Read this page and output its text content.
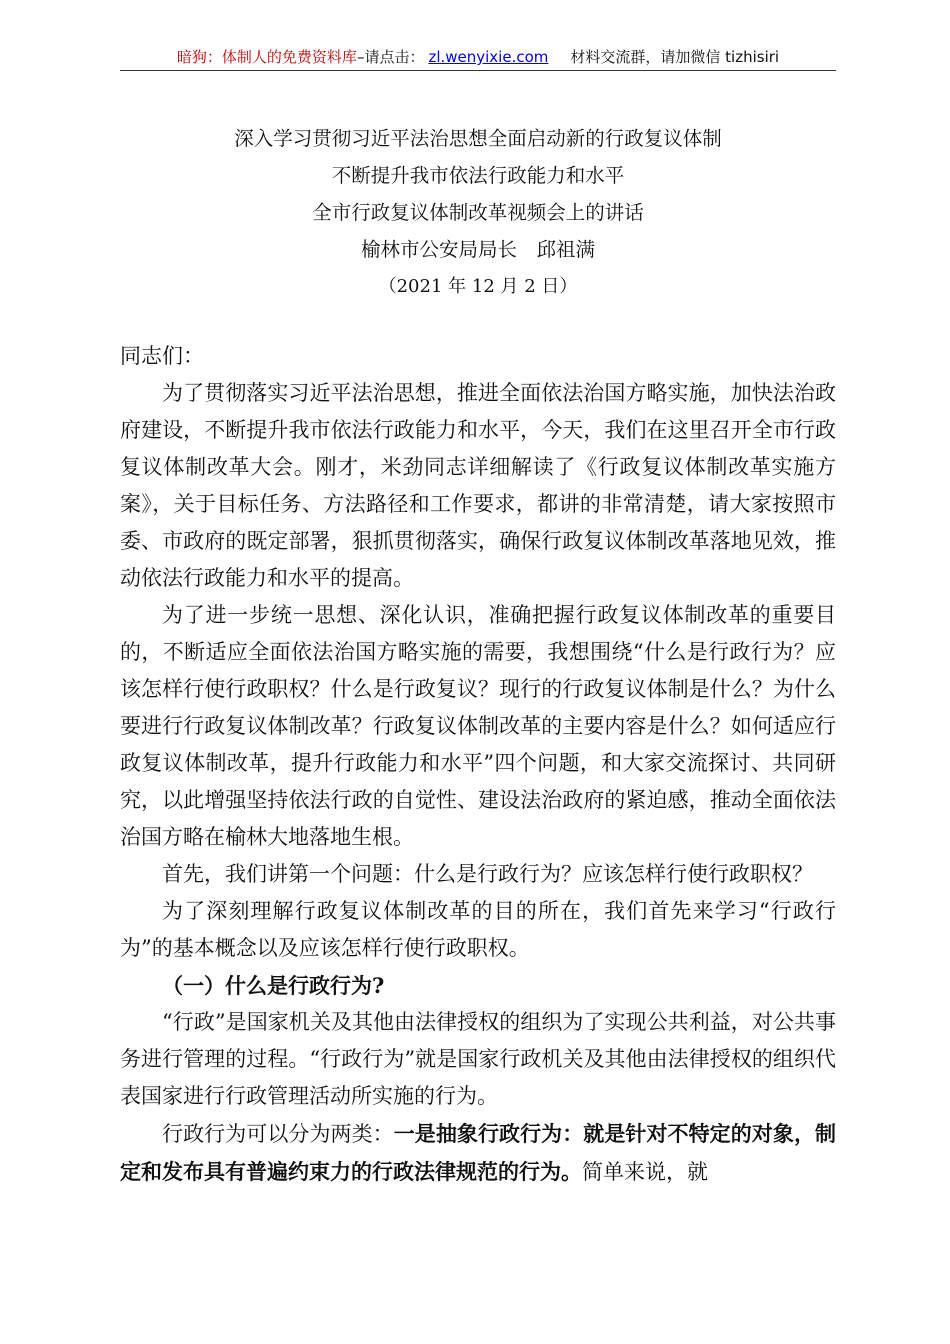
暗狗：体制人的免费资料库–请点击： zl.wenyixie.com 材料交流群，请加微信 tizhisiri
深入学习贯彻习近平法治思想全面启动新的行政复议体制
不断提升我市依法行政能力和水平
全市行政复议体制改革视频会上的讲话
榆林市公安局局长　邱祖满
（2021 年 12 月 2 日）

同志们：

为了贯彻落实习近平法治思想，推进全面依法治国方略实施，加快法治政府建设，不断提升我市依法行政能力和水平，今天，我们在这里召开全市行政复议体制改革大会。刚才，米劲同志详细解读了《行政复议体制改革实施方案》，关于目标任务、方法路径和工作要求，都讲的非常清楚，请大家按照市委、市政府的既定部署，狠抓贯彻落实，确保行政复议体制改革落地见效，推动依法行政能力和水平的提高。

为了进一步统一思想、深化认识，准确把握行政复议体制改革的重要目的，不断适应全面依法治国方略实施的需要，我想围绕“什么是行政行为？应该怎样行使行政职权？什么是行政复议？现行的行政复议体制是什么？为什么要进行行政复议体制改革？行政复议体制改革的主要内容是什么？如何适应行政复议体制改革，提升行政能力和水平”四个问题，和大家交流探讨、共同研究，以此增强坚持依法行政的自觉性、建设法治政府的紧迫感，推动全面依法治国方略在榆林大地落地生根。

首先，我们讲第一个问题：什么是行政行为？应该怎样行使行政职权？

为了深刻理解行政复议体制改革的目的所在，我们首先来学习“行政行为”的基本概念以及应该怎样行使行政职权。

（一）什么是行政行为?

“行政”是国家机关及其他由法律授权的组织为了实现公共利益，对公共事务进行管理的过程。“行政行为”就是国家行政机关及其他由法律授权的组织代表国家进行行政管理活动所实施的行为。

行政行为可以分为两类：一是抽象行政行为：就是针对不特定的对象，制定和发布具有普遍约束力的行政法律规范的行为。简单来说，就
